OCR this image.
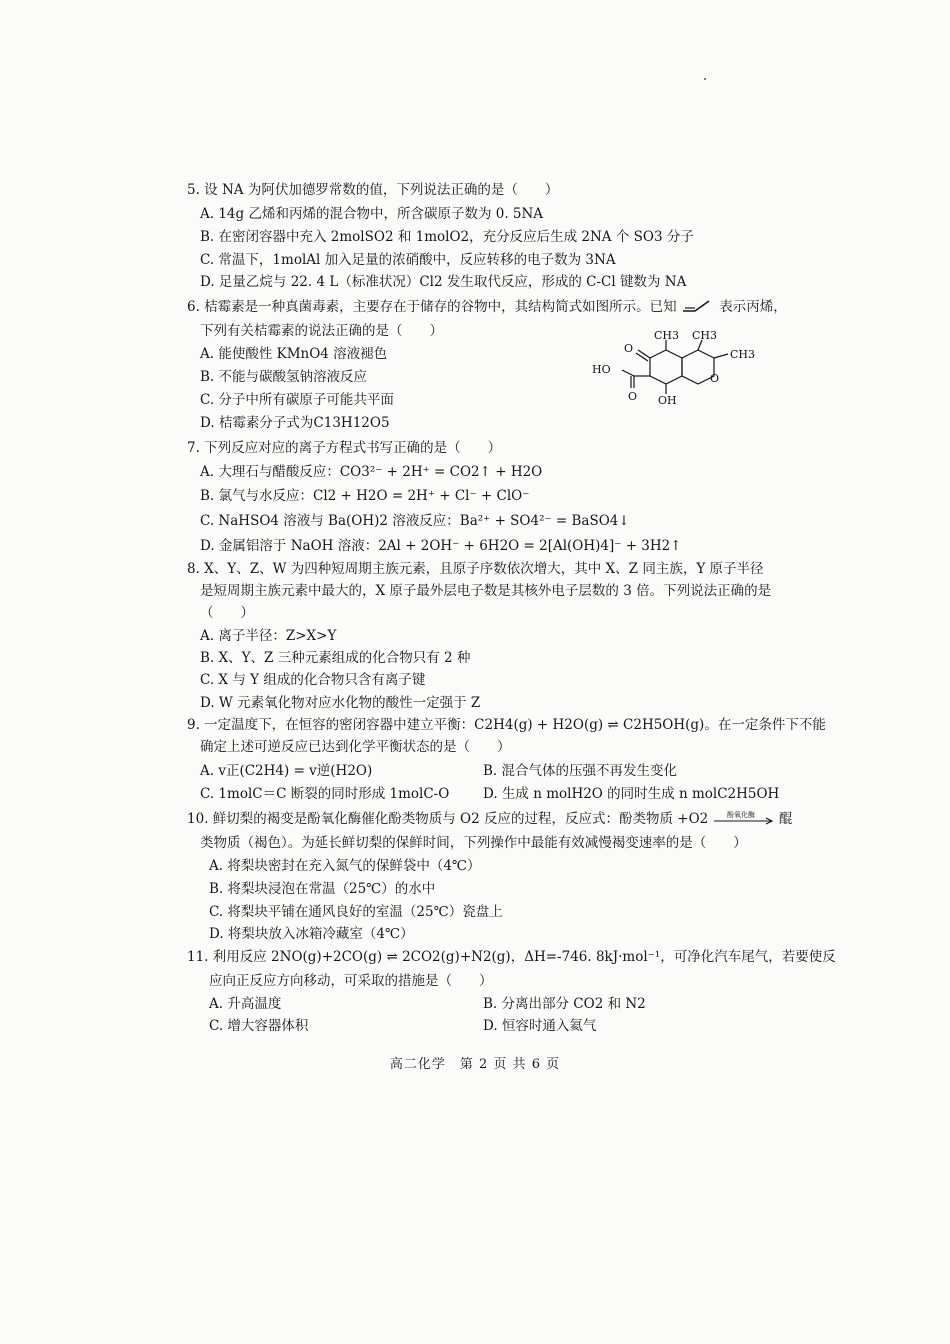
5. 设 NA 为阿伏加德罗常数的值，下列说法正确的是（　　）
A. 14g 乙烯和丙烯的混合物中，所含碳原子数为 0. 5NA
B. 在密闭容器中充入 2molSO2 和 1molO2，充分反应后生成 2NA 个 SO3 分子
C. 常温下，1molAl 加入足量的浓硝酸中，反应转移的电子数为 3NA
D. 足量乙烷与 22. 4 L（标准状况）Cl2 发生取代反应，形成的 C-Cl 键数为 NA
6. 桔霉素是一种真菌毒素，主要存在于储存的谷物中，其结构简式如图所示。已知	表示丙烯，
下列有关桔霉素的说法正确的是（　　）
A. 能使酸性 KMnO4 溶液褪色
B. 不能与碳酸氢钠溶液反应
C. 分子中所有碳原子可能共平面
D. 桔霉素分子式为C13H12O5
O
HO
O OH
O
CH3 CH3
CH3
7. 下列反应对应的离子方程式书写正确的是（　　）
A. 大理石与醋酸反应：CO3²⁻ + 2H⁺ = CO2↑ + H2O
B. 氯气与水反应：Cl2 + H2O = 2H⁺ + Cl⁻ + ClO⁻
C. NaHSO4 溶液与 Ba(OH)2 溶液反应：Ba²⁺ + SO4²⁻ = BaSO4↓
D. 金属铝溶于 NaOH 溶液：2Al + 2OH⁻ + 6H2O = 2[Al(OH)4]⁻ + 3H2↑
8. X、Y、Z、W 为四种短周期主族元素，且原子序数依次增大，其中 X、Z 同主族，Y 原子半径
是短周期主族元素中最大的，X 原子最外层电子数是其核外电子层数的 3 倍。下列说法正确的是
（　　）
A. 离子半径：Z>X>Y
B. X、Y、Z 三种元素组成的化合物只有 2 种
C. X 与 Y 组成的化合物只含有离子键
D. W 元素氧化物对应水化物的酸性一定强于 Z
9. 一定温度下，在恒容的密闭容器中建立平衡：C2H4(g) + H2O(g) ⇌ C2H5OH(g)。在一定条件下不能
确定上述可逆反应已达到化学平衡状态的是（　　）
A. v正(C2H4) = v逆(H2O)	B. 混合气体的压强不再发生变化
C. 1molC＝C 断裂的同时形成 1molC-O D. 生成 n molH2O 的同时生成 n molC2H5OH
10. 鲜切梨的褐变是酚氧化酶催化酚类物质与 O2 反应的过程，反应式：酚类物质 +O2	酚氧化酶 醌
类物质（褐色）。为延长鲜切梨的保鲜时间，下列操作中最能有效减慢褐变速率的是（　　）
A. 将梨块密封在充入氮气的保鲜袋中（4℃）
B. 将梨块浸泡在常温（25℃）的水中
C. 将梨块平铺在通风良好的室温（25℃）瓷盘上
D. 将梨块放入冰箱冷藏室（4℃）
11. 利用反应 2NO(g)+2CO(g) ⇌ 2CO2(g)+N2(g)，ΔH=-746. 8kJ·mol⁻¹，可净化汽车尾气，若要使反
应向正反应方向移动，可采取的措施是（　　）
A. 升高温度	B. 分离出部分 CO2 和 N2
C. 增大容器体积	D. 恒容时通入氦气
高二化学　第 2 页 共 6 页
